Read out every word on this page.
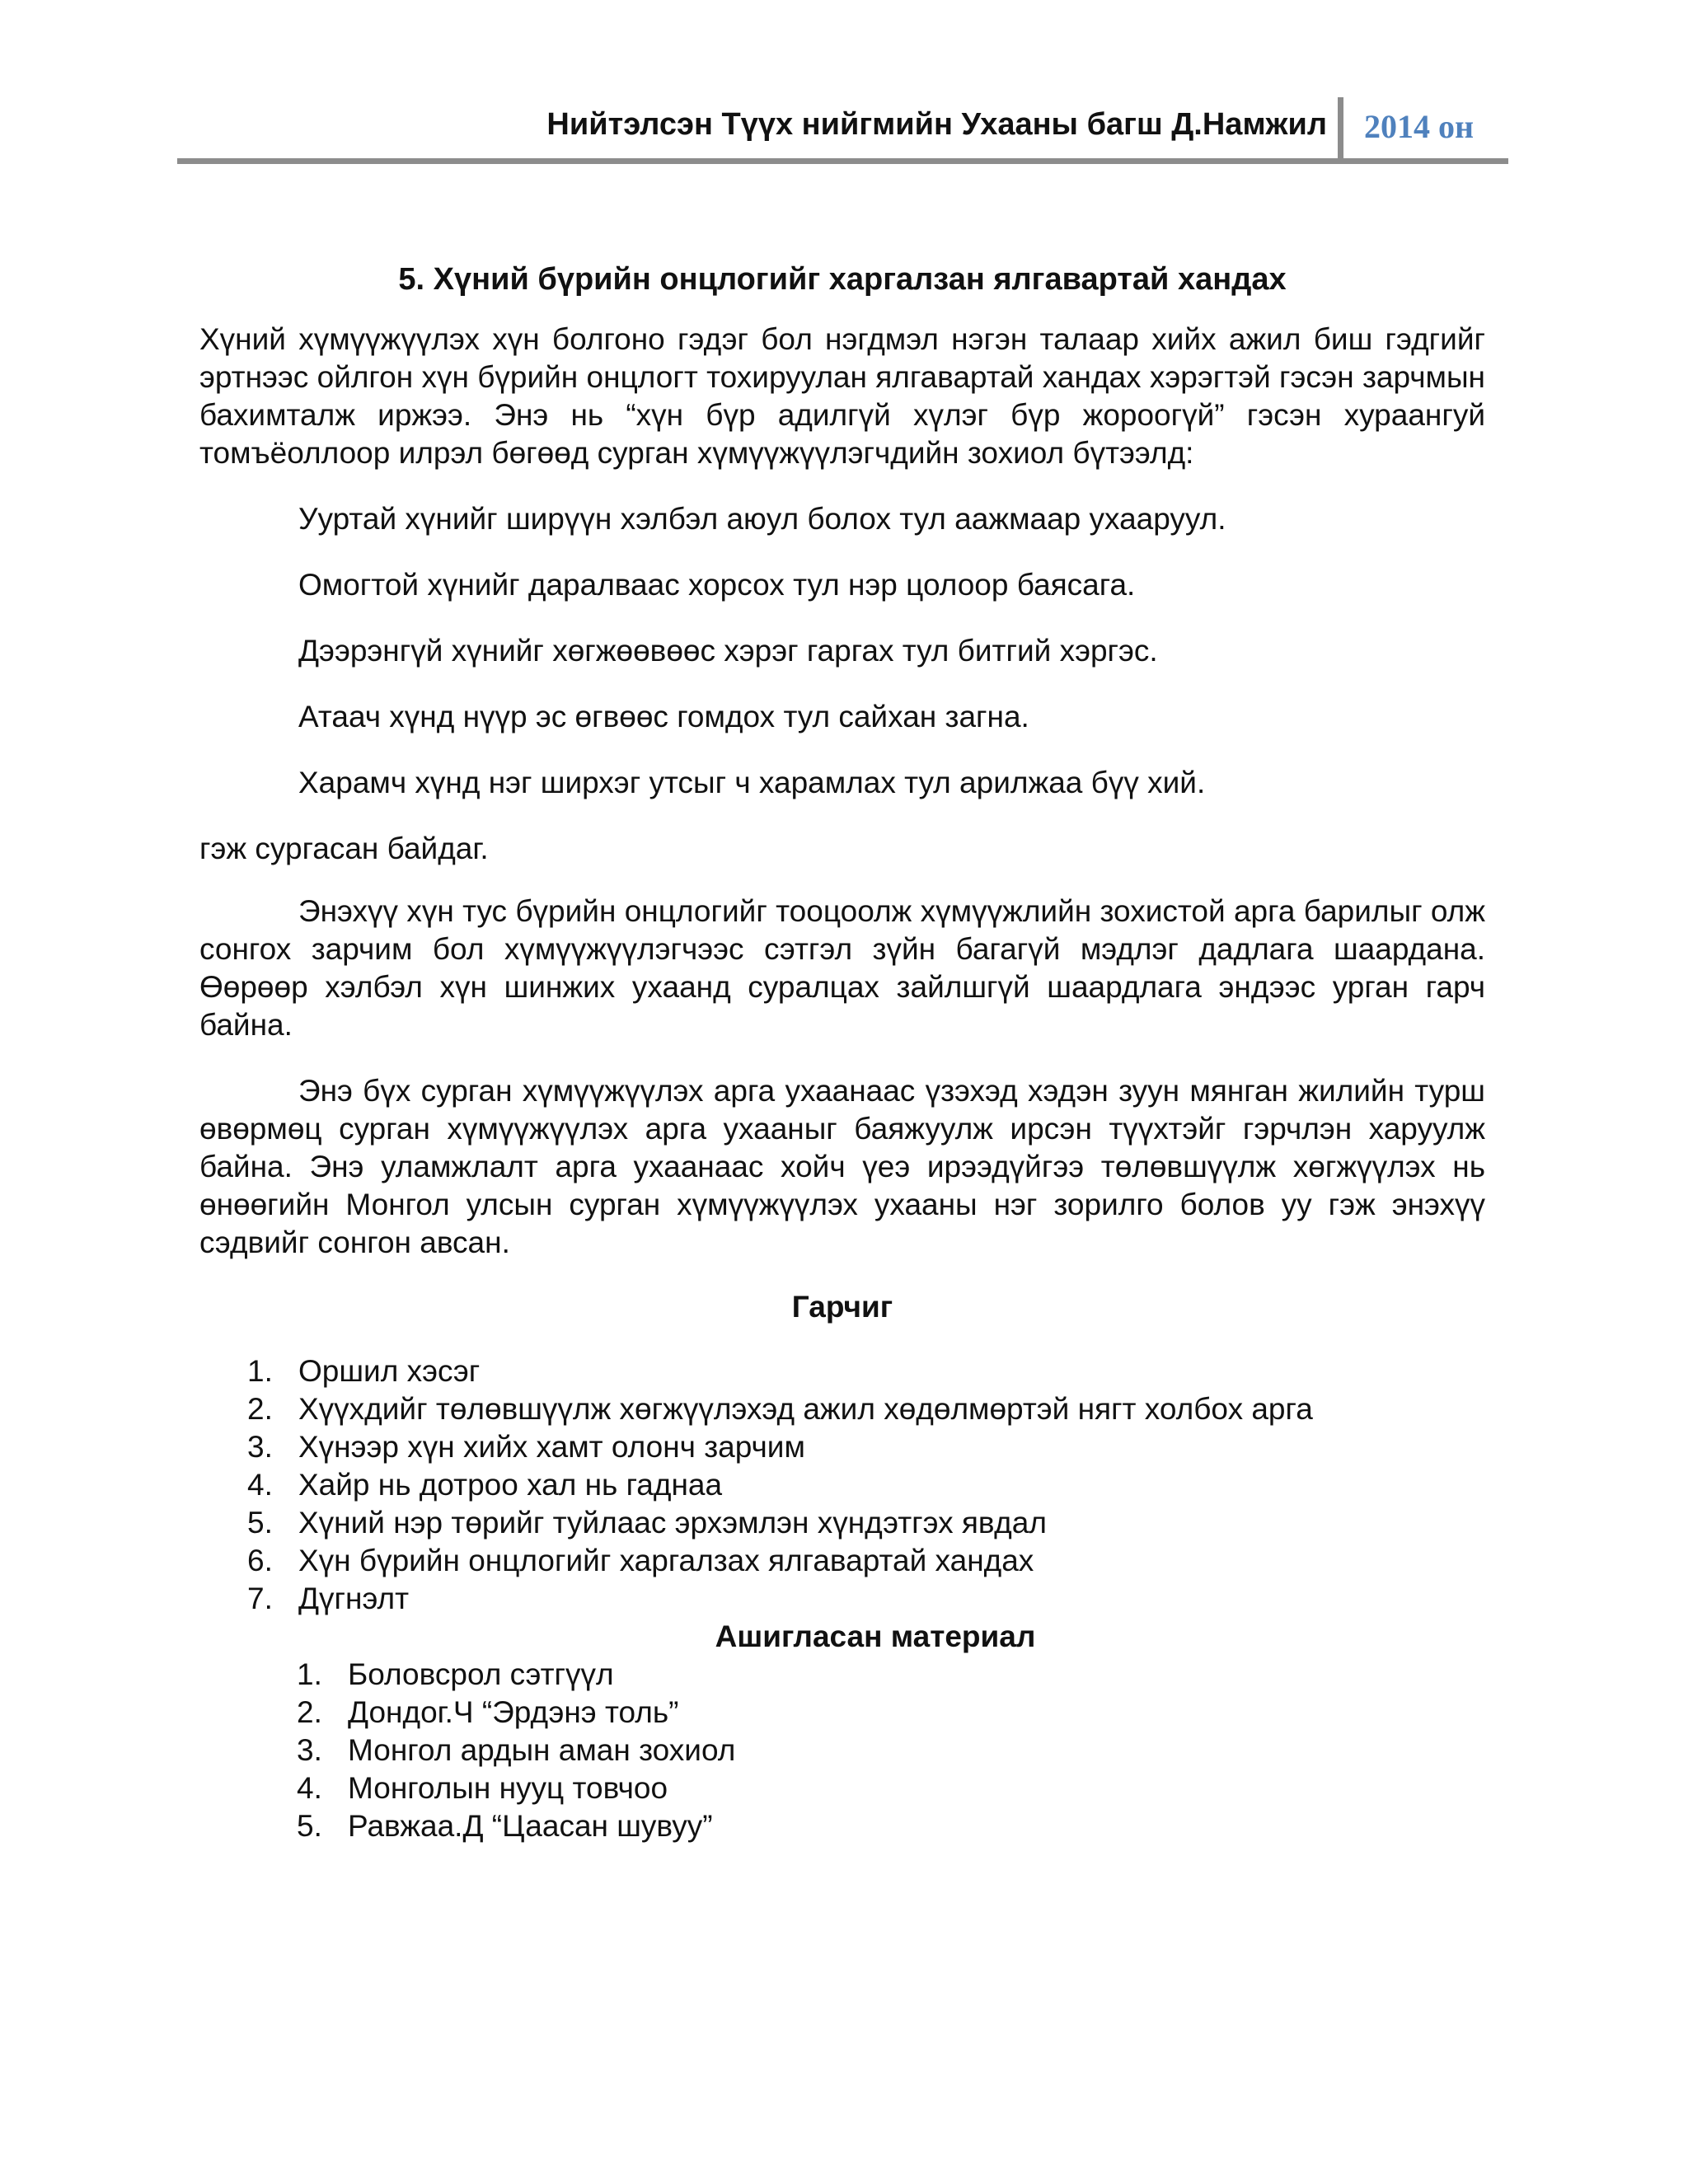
Нийтэлсэн Түүх нийгмийн Ухааны багш Д.Намжил 2014 он
5. Хүний бүрийн онцлогийг харгалзан ялгавартай хандах

Хүний хүмүүжүүлэх хүн болгоно гэдэг бол нэгдмэл нэгэн талаар хийх ажил биш гэдгийг эртнээс ойлгон хүн бүрийн онцлогт тохируулан ялгавартай хандах хэрэгтэй гэсэн зарчмын бахимталж иржээ. Энэ нь “хүн бүр адилгүй хүлэг бүр жороогүй” гэсэн хураангуй томъёоллоор илрэл бөгөөд сурган хүмүүжүүлэгчдийн зохиол бүтээлд:

Ууртай хүнийг ширүүн хэлбэл аюул болох тул аажмаар ухааруул.

Омогтой хүнийг даралваас хорсох тул нэр цолоор баясага.

Дээрэнгүй хүнийг хөгжөөвөөс хэрэг гаргах тул битгий хэргэс.

Атаач хүнд нүүр эс өгвөөс гомдох тул сайхан загна.

Харамч хүнд нэг ширхэг утсыг ч харамлах тул арилжаа бүү хий.

гэж сургасан байдаг.

Энэхүү хүн тус бүрийн онцлогийг тооцоолж хүмүүжлийн зохистой арга барилыг олж сонгох зарчим бол хүмүүжүүлэгчээс сэтгэл зүйн багагүй мэдлэг дадлага шаардана. Өөрөөр хэлбэл хүн шинжих ухаанд суралцах зайлшгүй шаардлага эндээс урган гарч байна.

Энэ бүх сурган хүмүүжүүлэх арга ухаанаас үзэхэд хэдэн зуун мянган жилийн турш өвөрмөц сурган хүмүүжүүлэх арга ухааныг баяжуулж ирсэн түүхтэйг гэрчлэн харуулж байна. Энэ уламжлалт арга ухаанаас хойч үеэ ирээдүйгээ төлөвшүүлж хөгжүүлэх нь өнөөгийн Монгол улсын сурган хүмүүжүүлэх ухааны нэг зорилго болов уу гэж энэхүү сэдвийг сонгон авсан.

Гарчиг
1. Оршил хэсэг
2. Хүүхдийг төлөвшүүлж хөгжүүлэхэд ажил хөдөлмөртэй нягт холбох арга
3. Хүнээр хүн хийх хамт олонч зарчим
4. Хайр нь дотроо хал нь гаднаа
5. Хүний нэр төрийг туйлаас эрхэмлэн хүндэтгэх явдал
6. Хүн бүрийн онцлогийг харгалзах ялгавартай хандах
7. Дүгнэлт
Ашигласан материал
1. Боловсрол сэтгүүл
2. Дондог.Ч “Эрдэнэ толь”
3. Монгол ардын аман зохиол
4. Монголын нууц товчоо
5. Равжаа.Д “Цаасан шувуу”
